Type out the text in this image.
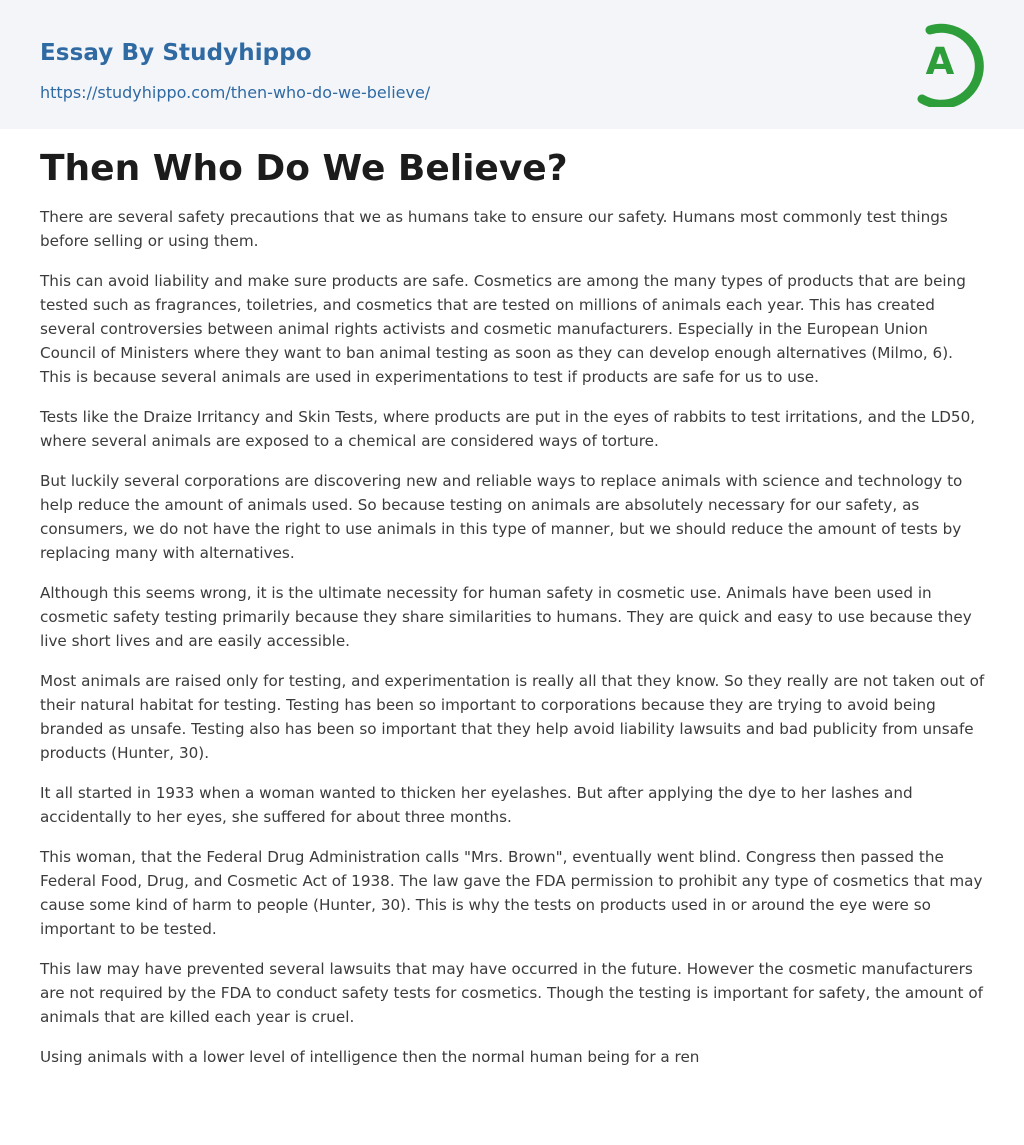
Essay By Studyhippo
https://studyhippo.com/then-who-do-we-believe/
A
Then Who Do We Believe?

There are several safety precautions that we as humans take to ensure our safety. Humans most commonly test things before selling or using them.

This can avoid liability and make sure products are safe. Cosmetics are among the many types of products that are being tested such as fragrances, toiletries, and cosmetics that are tested on millions of animals each year. This has created several controversies between animal rights activists and cosmetic manufacturers. Especially in the European Union Council of Ministers where they want to ban animal testing as soon as they can develop enough alternatives (Milmo, 6). This is because several animals are used in experimentations to test if products are safe for us to use.

Tests like the Draize Irritancy and Skin Tests, where products are put in the eyes of rabbits to test irritations, and the LD50, where several animals are exposed to a chemical are considered ways of torture.

But luckily several corporations are discovering new and reliable ways to replace animals with science and technology to help reduce the amount of animals used. So because testing on animals are absolutely necessary for our safety, as consumers, we do not have the right to use animals in this type of manner, but we should reduce the amount of tests by replacing many with alternatives.

Although this seems wrong, it is the ultimate necessity for human safety in cosmetic use. Animals have been used in cosmetic safety testing primarily because they share similarities to humans. They are quick and easy to use because they live short lives and are easily accessible.

Most animals are raised only for testing, and experimentation is really all that they know. So they really are not taken out of their natural habitat for testing. Testing has been so important to corporations because they are trying to avoid being branded as unsafe. Testing also has been so important that they help avoid liability lawsuits and bad publicity from unsafe products (Hunter, 30).

It all started in 1933 when a woman wanted to thicken her eyelashes. But after applying the dye to her lashes and accidentally to her eyes, she suffered for about three months.

This woman, that the Federal Drug Administration calls "Mrs. Brown", eventually went blind. Congress then passed the Federal Food, Drug, and Cosmetic Act of 1938. The law gave the FDA permission to prohibit any type of cosmetics that may cause some kind of harm to people (Hunter, 30). This is why the tests on products used in or around the eye were so important to be tested.

This law may have prevented several lawsuits that may have occurred in the future. However the cosmetic manufacturers are not required by the FDA to conduct safety tests for cosmetics. Though the testing is important for safety, the amount of animals that are killed each year is cruel.

Using animals with a lower level of intelligence then the normal human being for a ren
